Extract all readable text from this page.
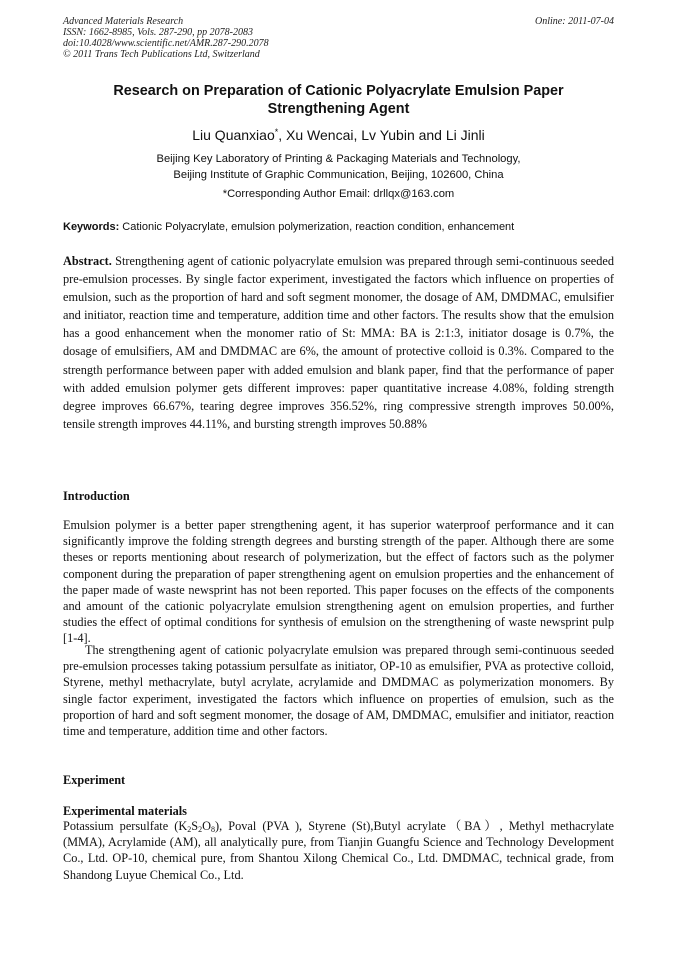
Advanced Materials Research
ISSN: 1662-8985, Vols. 287-290, pp 2078-2083
doi:10.4028/www.scientific.net/AMR.287-290.2078
© 2011 Trans Tech Publications Ltd, Switzerland
Online: 2011-07-04
Research on Preparation of Cationic Polyacrylate Emulsion Paper
Strengthening Agent
Liu Quanxiao*, Xu Wencai, Lv Yubin and Li Jinli
Beijing Key Laboratory of Printing & Packaging Materials and Technology,
Beijing Institute of Graphic Communication, Beijing, 102600, China
*Corresponding Author Email: drllqx@163.com
Keywords: Cationic Polyacrylate, emulsion polymerization, reaction condition, enhancement
Abstract. Strengthening agent of cationic polyacrylate emulsion was prepared through semi-continuous seeded pre-emulsion processes. By single factor experiment, investigated the factors which influence on properties of emulsion, such as the proportion of hard and soft segment monomer, the dosage of AM, DMDMAC, emulsifier and initiator, reaction time and temperature, addition time and other factors. The results show that the emulsion has a good enhancement when the monomer ratio of St: MMA: BA is 2:1:3, initiator dosage is 0.7%, the dosage of emulsifiers, AM and DMDMAC are 6%, the amount of protective colloid is 0.3%. Compared to the strength performance between paper with added emulsion and blank paper, find that the performance of paper with added emulsion polymer gets different improves: paper quantitative increase 4.08%, folding strength degree improves 66.67%, tearing degree improves 356.52%, ring compressive strength improves 50.00%, tensile strength improves 44.11%, and bursting strength improves 50.88%
Introduction
Emulsion polymer is a better paper strengthening agent, it has superior waterproof performance and it can significantly improve the folding strength degrees and bursting strength of the paper. Although there are some theses or reports mentioning about research of polymerization, but the effect of factors such as the polymer component during the preparation of paper strengthening agent on emulsion properties and the enhancement of the paper made of waste newsprint has not been reported. This paper focuses on the effects of the components and amount of the cationic polyacrylate emulsion strengthening agent on emulsion properties, and further studies the effect of optimal conditions for synthesis of emulsion on the strengthening of waste newsprint pulp [1-4].
The strengthening agent of cationic polyacrylate emulsion was prepared through semi-continuous seeded pre-emulsion processes taking potassium persulfate as initiator, OP-10 as emulsifier, PVA as protective colloid, Styrene, methyl methacrylate, butyl acrylate, acrylamide and DMDMAC as polymerization monomers. By single factor experiment, investigated the factors which influence on properties of emulsion, such as the proportion of hard and soft segment monomer, the dosage of AM, DMDMAC, emulsifier and initiator, reaction time and temperature, addition time and other factors.
Experiment
Experimental materials
Potassium persulfate $(K_2S_2O_8)$, Poval (PVA ), Styrene (St),Butyl acrylate（BA）, Methyl methacrylate (MMA), Acrylamide (AM), all analytically pure, from Tianjin Guangfu Science and Technology Development Co., Ltd. OP-10, chemical pure, from Shantou Xilong Chemical Co., Ltd. DMDMAC, technical grade, from Shandong Luyue Chemical Co., Ltd.
